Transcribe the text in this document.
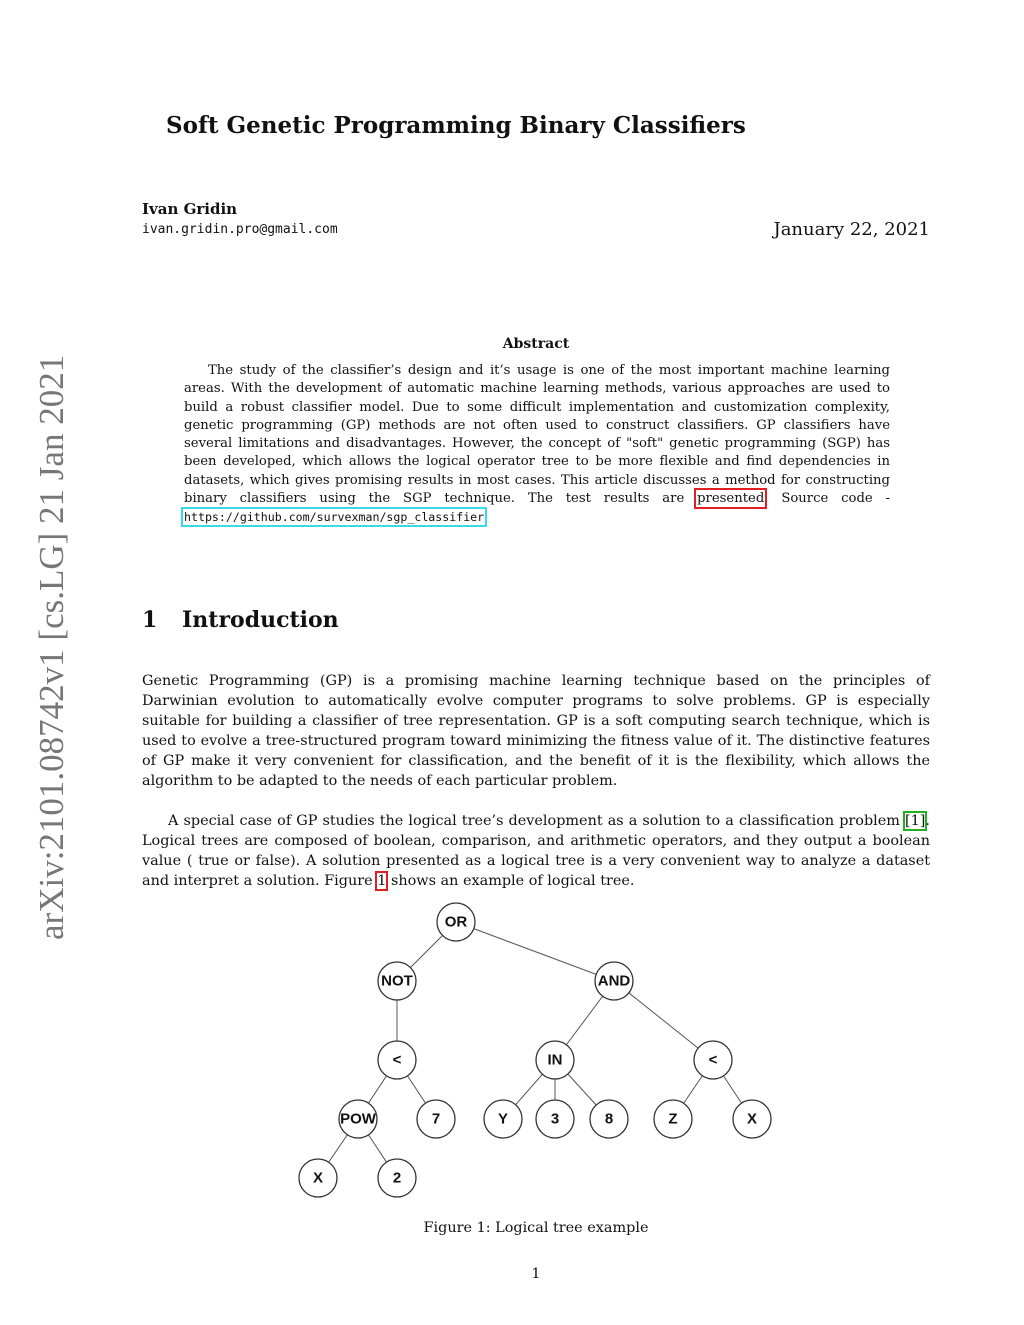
arXiv:2101.08742v1 [cs.LG] 21 Jan 2021
Soft Genetic Programming Binary Classifiers
Ivan Gridin
ivan.gridin.pro@gmail.com	January 22, 2021
Abstract

The study of the classifier’s design and it’s usage is one of the most important machine learning areas. With the development of automatic machine learning methods, various approaches are used to build a robust classifier model. Due to some difficult implementation and customization complexity, genetic programming (GP) methods are not often used to construct classifiers. GP classifiers have several limitations and disadvantages. However, the concept of "soft" genetic programming (SGP) has been developed, which allows the logical operator tree to be more flexible and find dependencies in datasets, which gives promising results in most cases. This article discusses a method for constructing binary classifiers using the SGP technique. The test results are presented. Source code - https://github.com/survexman/sgp_classifier

1 Introduction

Genetic Programming (GP) is a promising machine learning technique based on the principles of Darwinian evolution to automatically evolve computer programs to solve problems. GP is especially suitable for building a classifier of tree representation. GP is a soft computing search technique, which is used to evolve a tree-structured program toward minimizing the fitness value of it. The distinctive features of GP make it very convenient for classification, and the benefit of it is the flexibility, which allows the algorithm to be adapted to the needs of each particular problem.

A special case of GP studies the logical tree’s development as a solution to a classification problem [1]. Logical trees are composed of boolean, comparison, and arithmetic operators, and they output a boolean value ( true or false). A solution presented as a logical tree is a very convenient way to analyze a dataset and interpret a solution. Figure 1 shows an example of logical tree.

OR
NOT	AND
<	IN	<
POW	7	Y	3	8	Z	X
X	2
Figure 1: Logical tree example
1
